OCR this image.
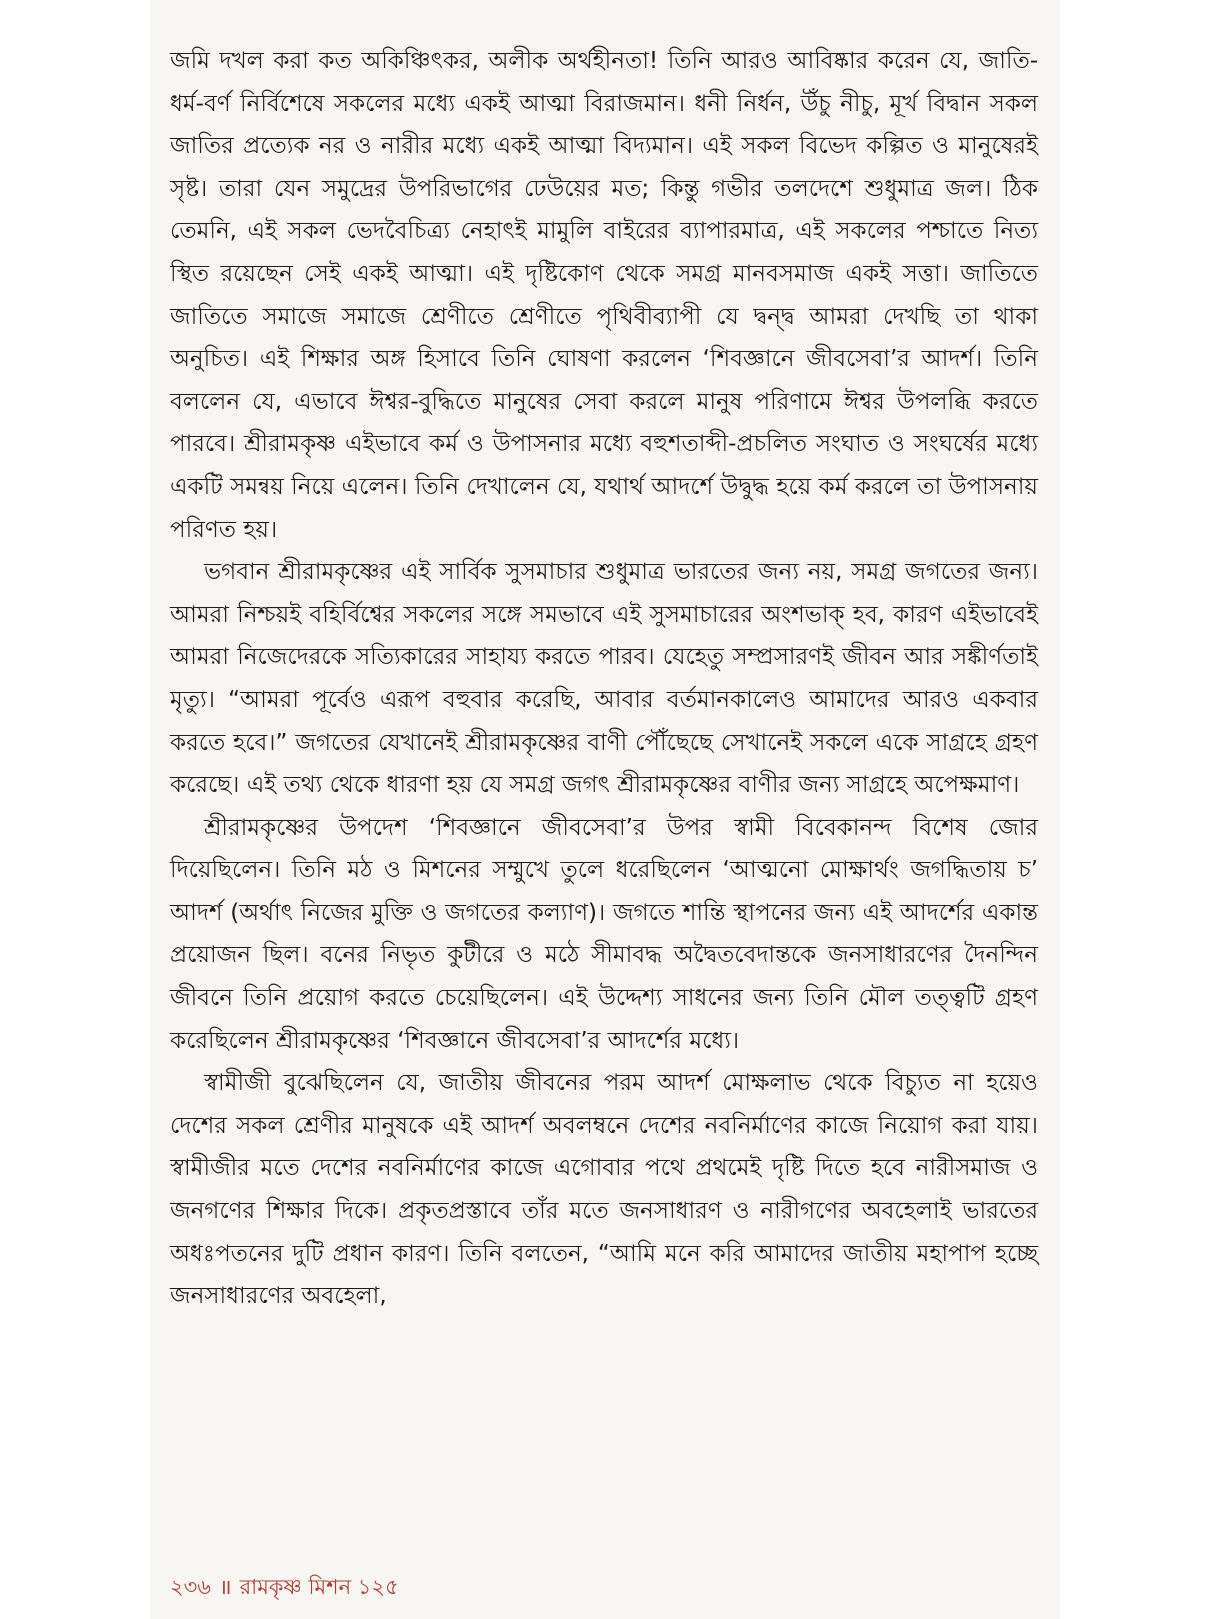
জমি দখল করা কত অকিঞ্চিৎকর, অলীক অর্থহীনতা! তিনি আরও আবিষ্কার করেন যে, জাতি-ধর্ম-বর্ণ নির্বিশেষে সকলের মধ্যে একই আত্মা বিরাজমান। ধনী নির্ধন, উঁচু নীচু, মূর্খ বিদ্বান সকল জাতির প্রত্যেক নর ও নারীর মধ্যে একই আত্মা বিদ্যমান। এই সকল বিভেদ কল্পিত ও মানুষেরই সৃষ্ট। তারা যেন সমুদ্রের উপরিভাগের ঢেউয়ের মত; কিন্তু গভীর তলদেশে শুধুমাত্র জল। ঠিক তেমনি, এই সকল ভেদবৈচিত্র্য নেহাৎই মামুলি বাইরের ব্যাপারমাত্র, এই সকলের পশ্চাতে নিত্য স্থিত রয়েছেন সেই একই আত্মা। এই দৃষ্টিকোণ থেকে সমগ্র মানবসমাজ একই সত্তা। জাতিতে জাতিতে সমাজে সমাজে শ্রেণীতে শ্রেণীতে পৃথিবীব্যাপী যে দ্বন্দ্ব আমরা দেখছি তা থাকা অনুচিত। এই শিক্ষার অঙ্গ হিসাবে তিনি ঘোষণা করলেন ‘শিবজ্ঞানে জীবসেবা’র আদর্শ। তিনি বললেন যে, এভাবে ঈশ্বর-বুদ্ধিতে মানুষের সেবা করলে মানুষ পরিণামে ঈশ্বর উপলব্ধি করতে পারবে। শ্রীরামকৃষ্ণ এইভাবে কর্ম ও উপাসনার মধ্যে বহুশতাব্দী-প্রচলিত সংঘাত ও সংঘর্ষের মধ্যে একটি সমন্বয় নিয়ে এলেন। তিনি দেখালেন যে, যথার্থ আদর্শে উদ্বুদ্ধ হয়ে কর্ম করলে তা উপাসনায় পরিণত হয়।

ভগবান শ্রীরামকৃষ্ণের এই সার্বিক সুসমাচার শুধুমাত্র ভারতের জন্য নয়, সমগ্র জগতের জন্য। আমরা নিশ্চয়ই বহির্বিশ্বের সকলের সঙ্গে সমভাবে এই সুসমাচারের অংশভাক্ হব, কারণ এইভাবেই আমরা নিজেদেরকে সত্যিকারের সাহায্য করতে পারব। যেহেতু সম্প্রসারণই জীবন আর সঙ্কীর্ণতাই মৃত্যু। “আমরা পূর্বেও এরূপ বহুবার করেছি, আবার বর্তমানকালেও আমাদের আরও একবার করতে হবে।” জগতের যেখানেই শ্রীরামকৃষ্ণের বাণী পৌঁছেছে সেখানেই সকলে একে সাগ্রহে গ্রহণ করেছে। এই তথ্য থেকে ধারণা হয় যে সমগ্র জগৎ শ্রীরামকৃষ্ণের বাণীর জন্য সাগ্রহে অপেক্ষমাণ।

শ্রীরামকৃষ্ণের উপদেশ ‘শিবজ্ঞানে জীবসেবা’র উপর স্বামী বিবেকানন্দ বিশেষ জোর দিয়েছিলেন। তিনি মঠ ও মিশনের সম্মুখে তুলে ধরেছিলেন ‘আত্মনো মোক্ষার্থং জগদ্ধিতায় চ’ আদর্শ (অর্থাৎ নিজের মুক্তি ও জগতের কল্যাণ)। জগতে শান্তি স্থাপনের জন্য এই আদর্শের একান্ত প্রয়োজন ছিল। বনের নিভৃত কুটীরে ও মঠে সীমাবদ্ধ অদ্বৈতবেদান্তকে জনসাধারণের দৈনন্দিন জীবনে তিনি প্রয়োগ করতে চেয়েছিলেন। এই উদ্দেশ্য সাধনের জন্য তিনি মৌল তত্ত্বটি গ্রহণ করেছিলেন শ্রীরামকৃষ্ণের ‘শিবজ্ঞানে জীবসেবা’র আদর্শের মধ্যে।

স্বামীজী বুঝেছিলেন যে, জাতীয় জীবনের পরম আদর্শ মোক্ষলাভ থেকে বিচ্যুত না হয়েও দেশের সকল শ্রেণীর মানুষকে এই আদর্শ অবলম্বনে দেশের নবনির্মাণের কাজে নিয়োগ করা যায়। স্বামীজীর মতে দেশের নবনির্মাণের কাজে এগোবার পথে প্রথমেই দৃষ্টি দিতে হবে নারীসমাজ ও জনগণের শিক্ষার দিকে। প্রকৃতপ্রস্তাবে তাঁর মতে জনসাধারণ ও নারীগণের অবহেলাই ভারতের অধঃপতনের দুটি প্রধান কারণ। তিনি বলতেন, “আমি মনে করি আমাদের জাতীয় মহাপাপ হচ্ছে জনসাধারণের অবহেলা,

২৩৬ ॥ রামকৃষ্ণ মিশন ১২৫
